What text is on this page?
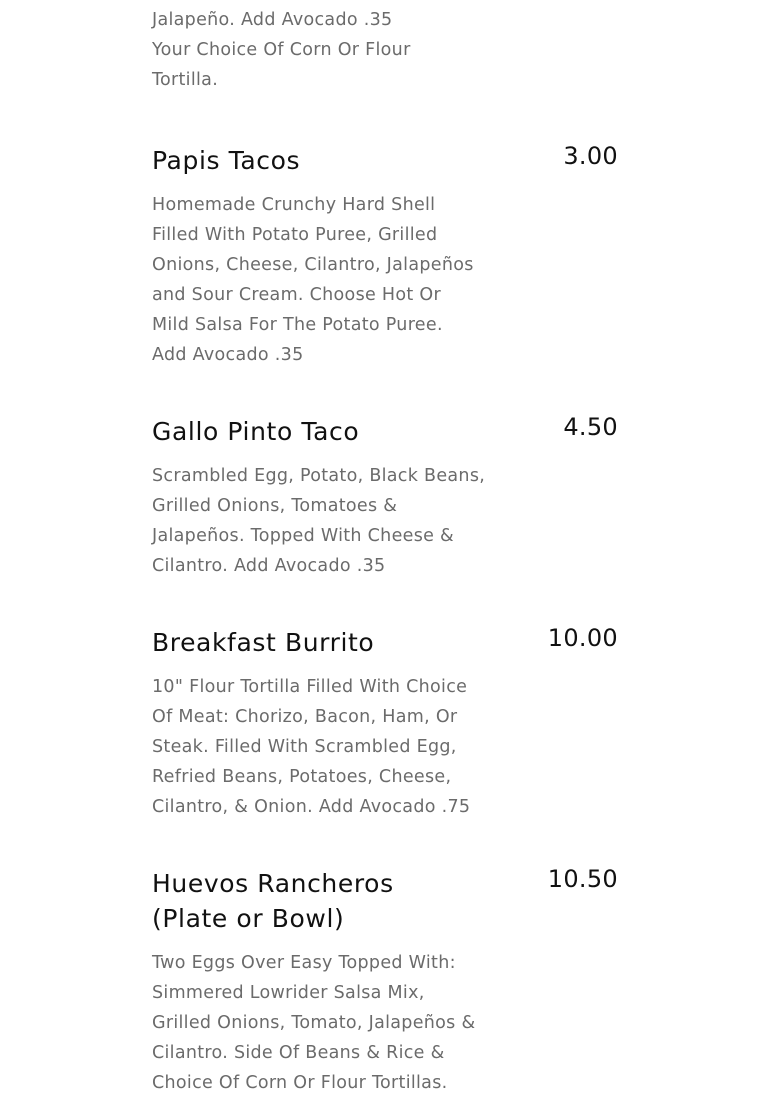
Jalapeño. Add Avocado .35
Your Choice Of Corn Or Flour
Tortilla.
Papis Tacos	3.00
Homemade Crunchy Hard Shell
Filled With Potato Puree, Grilled
Onions, Cheese, Cilantro, Jalapeños
and Sour Cream. Choose Hot Or
Mild Salsa For The Potato Puree.
Add Avocado .35
Gallo Pinto Taco	4.50
Scrambled Egg, Potato, Black Beans,
Grilled Onions, Tomatoes &
Jalapeños. Topped With Cheese &
Cilantro. Add Avocado .35
Breakfast Burrito	10.00
10" Flour Tortilla Filled With Choice
Of Meat: Chorizo, Bacon, Ham, Or
Steak. Filled With Scrambled Egg,
Refried Beans, Potatoes, Cheese,
Cilantro, & Onion. Add Avocado .75
Huevos Rancheros
(Plate or Bowl)
10.50
Two Eggs Over Easy Topped With:
Simmered Lowrider Salsa Mix,
Grilled Onions, Tomato, Jalapeños &
Cilantro. Side Of Beans & Rice &
Choice Of Corn Or Flour Tortillas.
